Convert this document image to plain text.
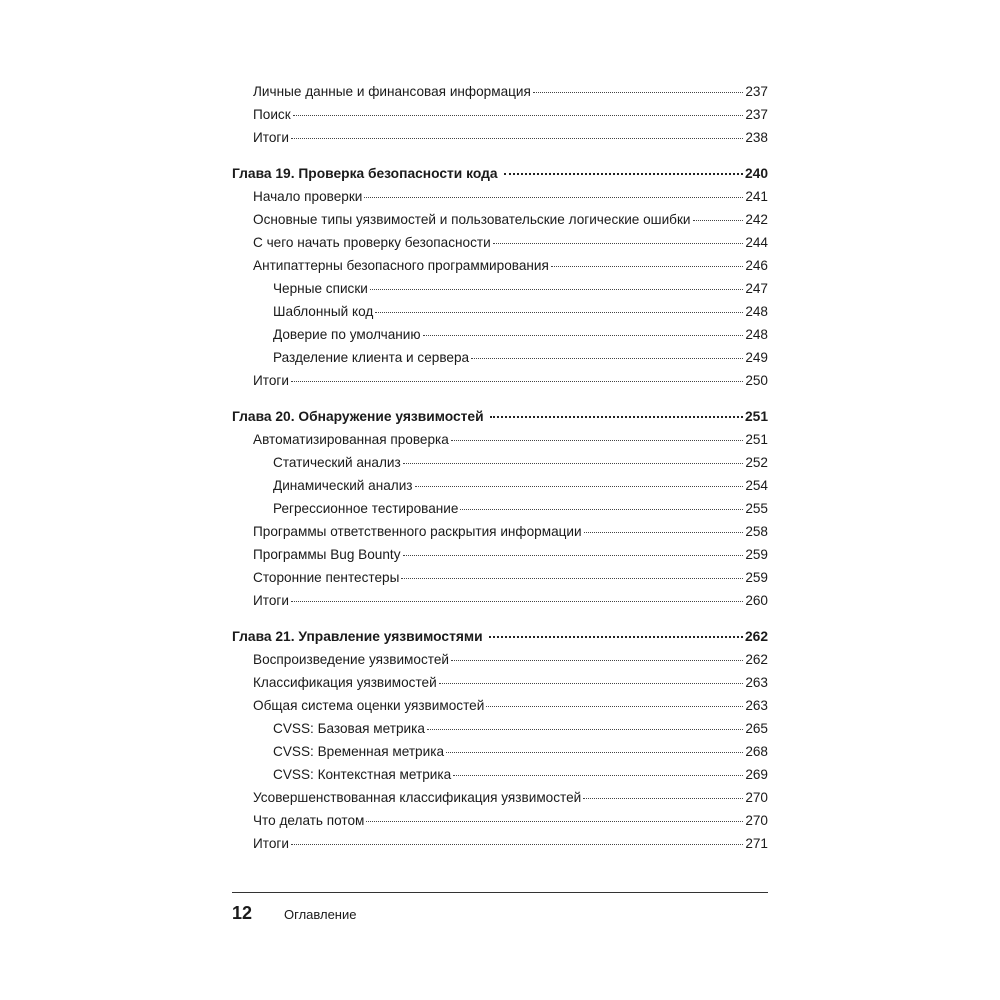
Личные данные и финансовая информация	237
Поиск	237
Итоги	238
Глава 19. Проверка безопасности кода	240
Начало проверки	241
Основные типы уязвимостей и пользовательские логические ошибки	242
С чего начать проверку безопасности	244
Антипаттерны безопасного программирования	246
Черные списки	247
Шаблонный код	248
Доверие по умолчанию	248
Разделение клиента и сервера	249
Итоги	250
Глава 20. Обнаружение уязвимостей	251
Автоматизированная проверка	251
Статический анализ	252
Динамический анализ	254
Регрессионное тестирование	255
Программы ответственного раскрытия информации	258
Программы Bug Bounty	259
Сторонние пентестеры	259
Итоги	260
Глава 21. Управление уязвимостями	262
Воспроизведение уязвимостей	262
Классификация уязвимостей	263
Общая система оценки уязвимостей	263
CVSS: Базовая метрика	265
CVSS: Временная метрика	268
CVSS: Контекстная метрика	269
Усовершенствованная классификация уязвимостей	270
Что делать потом	270
Итоги	271
12	Оглавление
